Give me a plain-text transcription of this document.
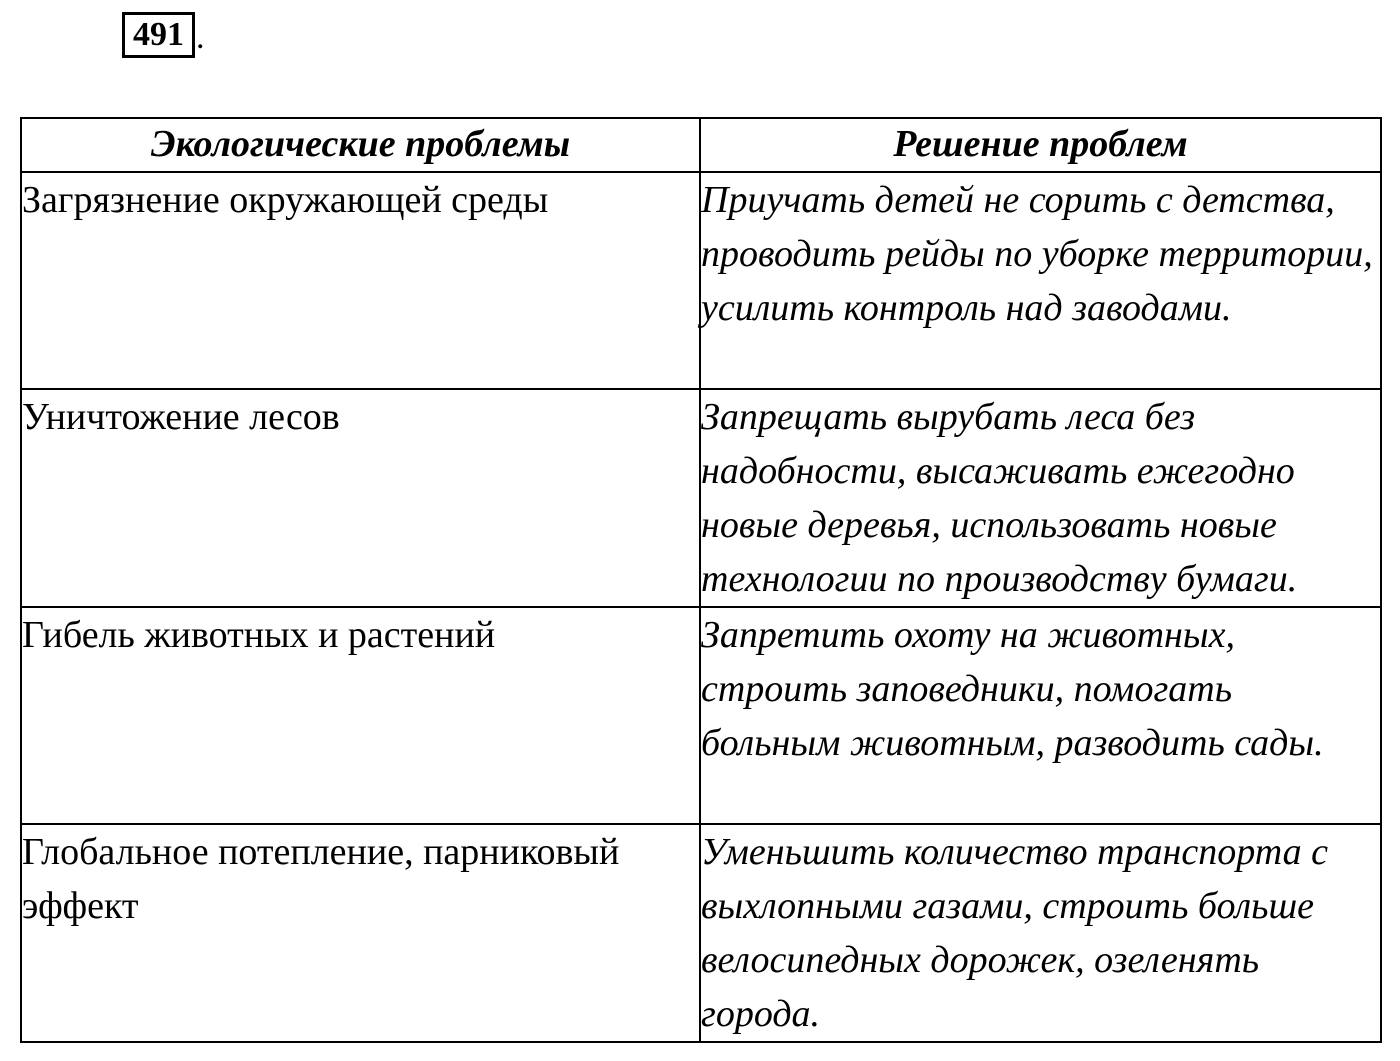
491 .
Экологические проблемы	Решение проблем
Загрязнение окружающей среды	Приучать детей не сорить с детства, проводить рейды по уборке территории, усилить контроль над заводами.
Уничтожение лесов	Запрещать вырубать леса без надобности, высаживать ежегодно новые деревья, использовать новые технологии по производству бумаги.
Гибель животных и растений	Запретить охоту на животных, строить заповедники, помогать больным животным, разводить сады.
Глобальное потепление, парниковый эффект	Уменьшить количество транспорта с выхлопными газами, строить больше велосипедных дорожек, озеленять города.
